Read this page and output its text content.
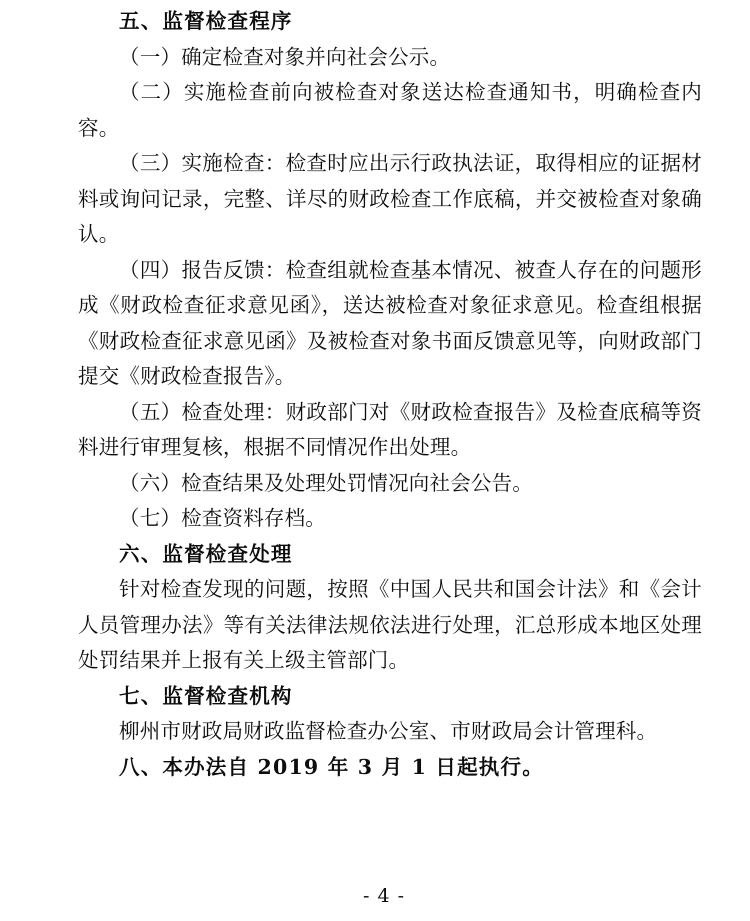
五、监督检查程序

（一）确定检查对象并向社会公示。

（二）实施检查前向被检查对象送达检查通知书，明确检查内容。

（三）实施检查：检查时应出示行政执法证，取得相应的证据材料或询问记录，完整、详尽的财政检查工作底稿，并交被检查对象确认。

（四）报告反馈：检查组就检查基本情况、被查人存在的问题形成《财政检查征求意见函》，送达被检查对象征求意见。检查组根据《财政检查征求意见函》及被检查对象书面反馈意见等，向财政部门提交《财政检查报告》。

（五）检查处理：财政部门对《财政检查报告》及检查底稿等资料进行审理复核，根据不同情况作出处理。

（六）检查结果及处理处罚情况向社会公告。

（七）检查资料存档。

六、监督检查处理

针对检查发现的问题，按照《中国人民共和国会计法》和《会计人员管理办法》等有关法律法规依法进行处理，汇总形成本地区处理处罚结果并上报有关上级主管部门。

七、监督检查机构

柳州市财政局财政监督检查办公室、市财政局会计管理科。

八、本办法自 2019 年 3 月 1 日起执行。

- 4 -
